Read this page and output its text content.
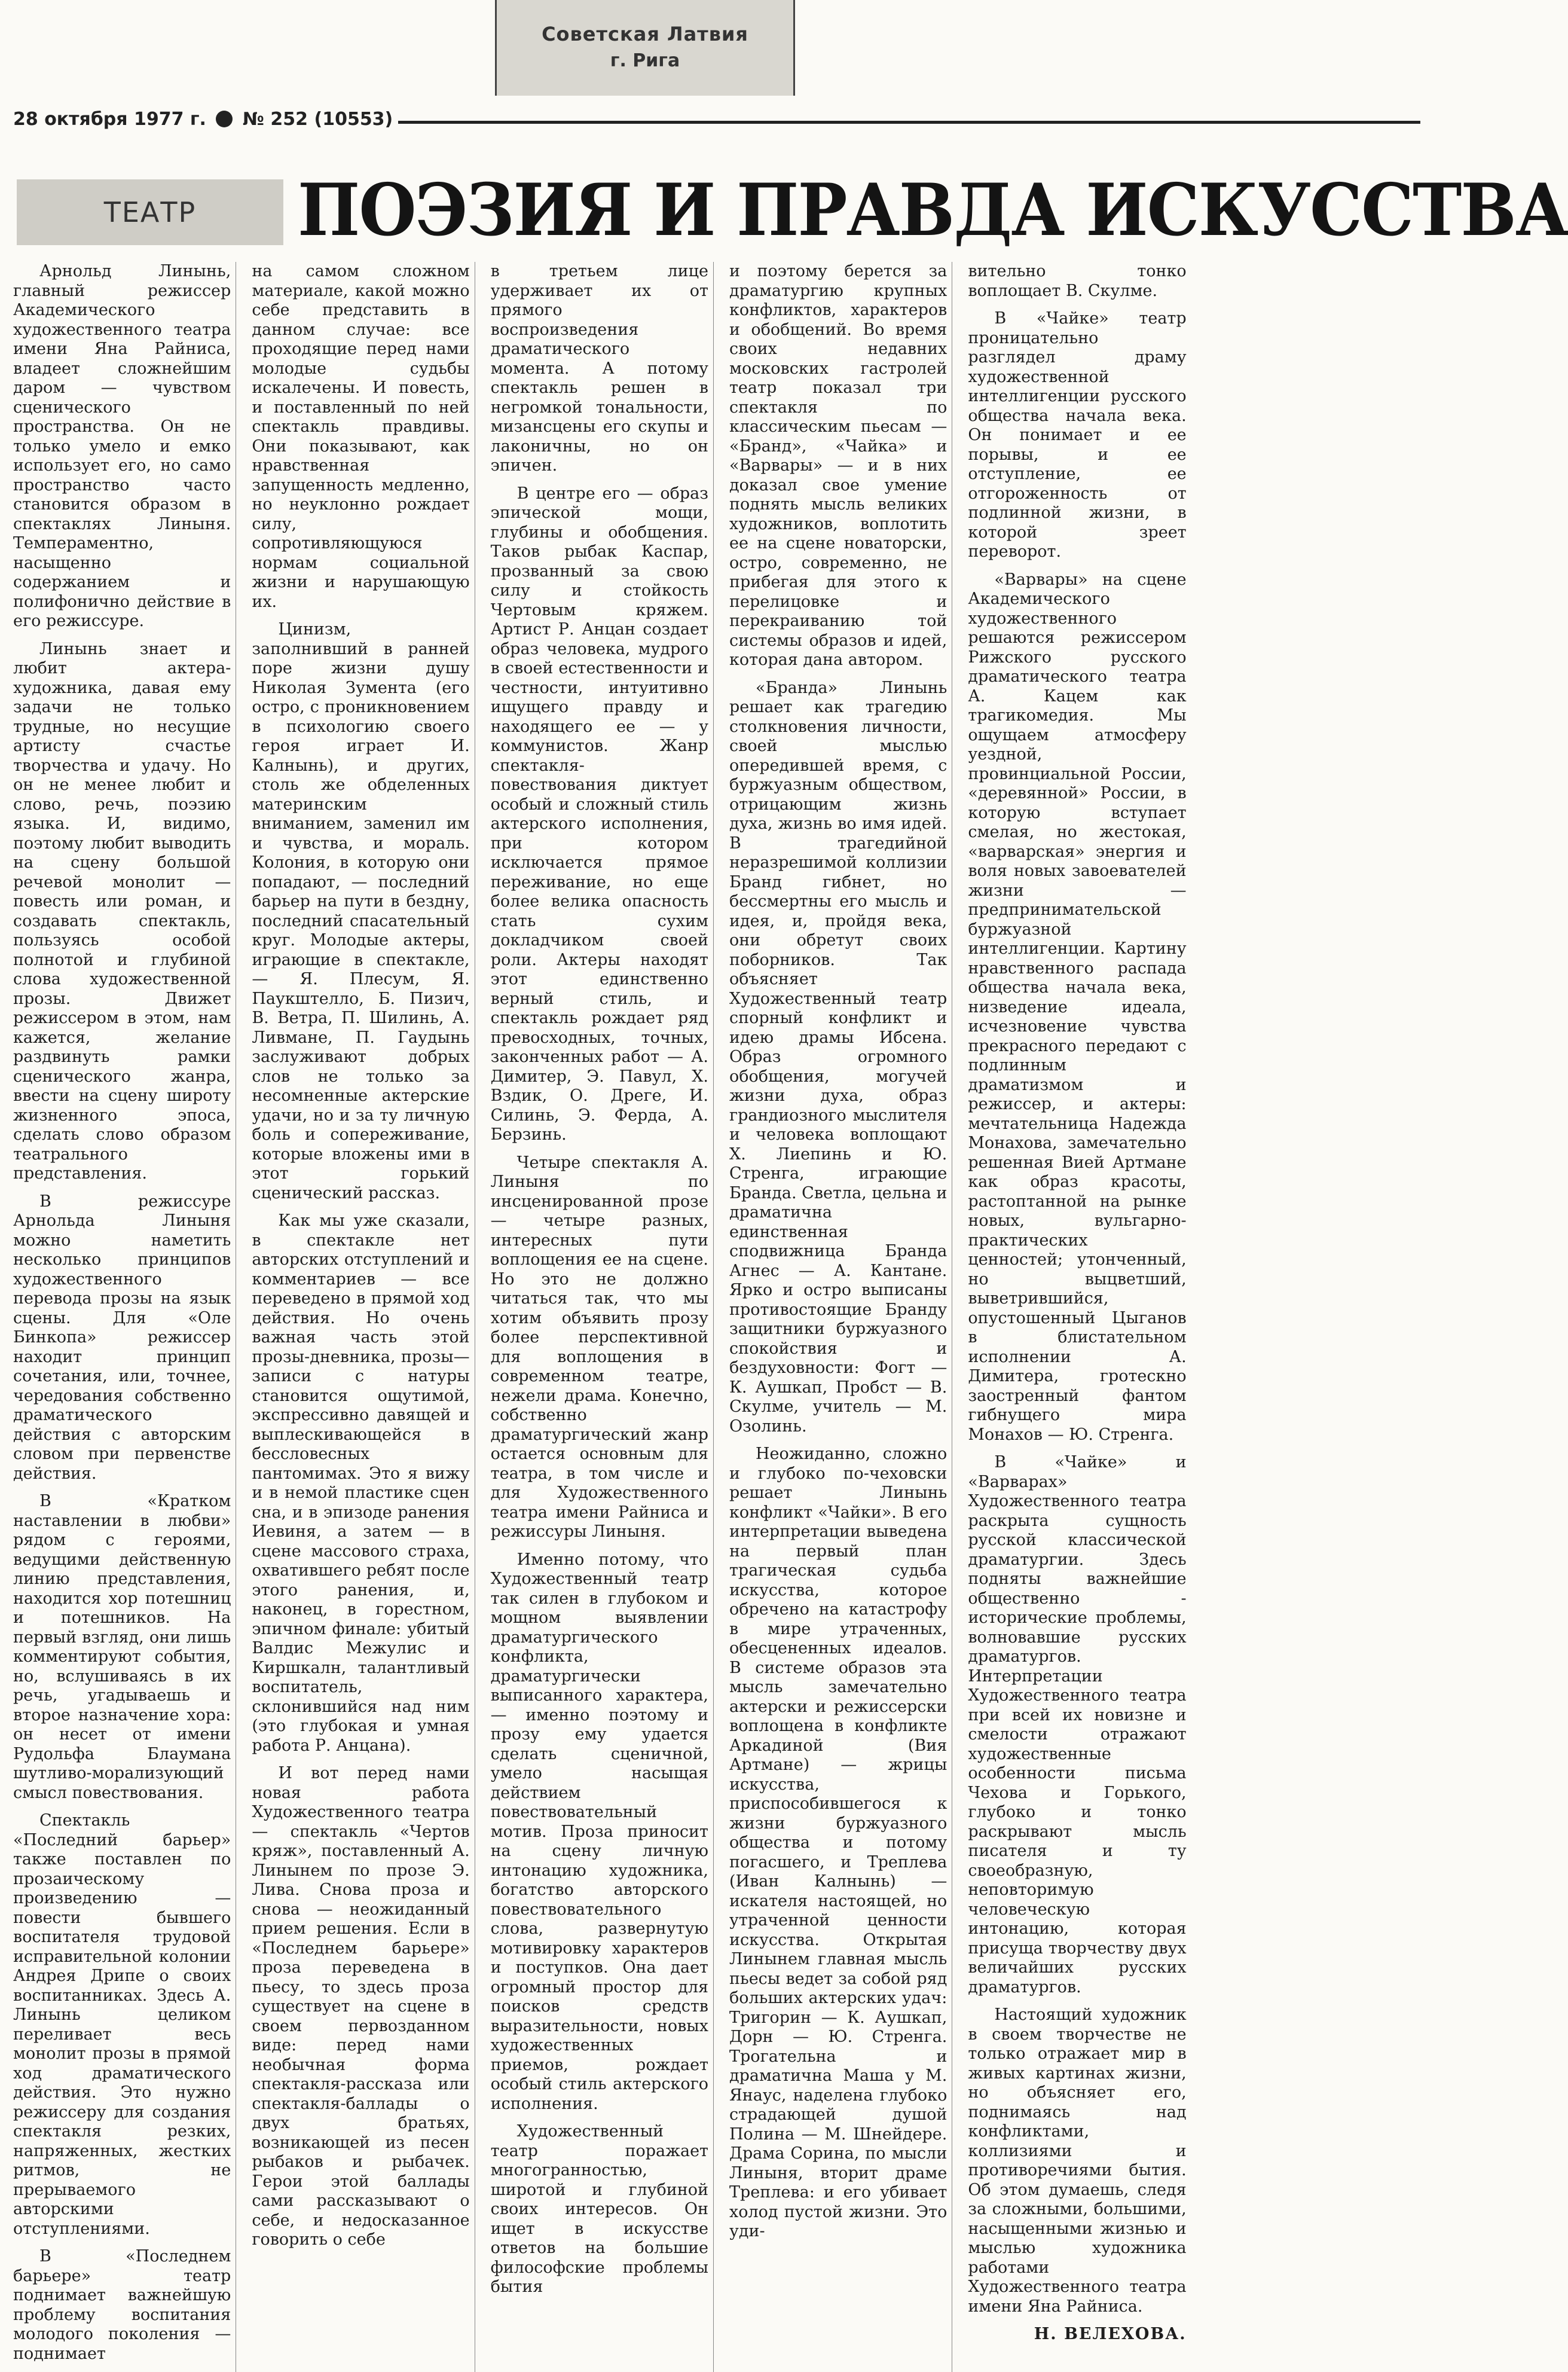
Советская Латвия
г. Рига
28 октября 1977 г. № 252 (10553)
ТЕАТР	ПОЭЗИЯ И ПРАВДА ИСКУССТВА

Арнольд Линынь, главный режиссер Академического художественного театра имени Яна Райниса, владеет сложнейшим даром — чувством сценического пространства. Он не только умело и емко использует его, но само пространство часто становится образом в спектаклях Линыня. Темпераментно, насыщенно содержанием и полифонично действие в его режиссуре.

Линынь знает и любит актера-художника, давая ему задачи не только трудные, но несущие артисту счастье творчества и удачу. Но он не менее любит и слово, речь, поэзию языка. И, видимо, поэтому любит выводить на сцену большой речевой монолит — повесть или роман, и создавать спектакль, пользуясь особой полнотой и глубиной слова художественной прозы. Движет режиссером в этом, нам кажется, желание раздвинуть рамки сценического жанра, ввести на сцену широту жизненного эпоса, сделать слово образом театрального представления.

В режиссуре Арнольда Линыня можно наметить несколько принципов художественного перевода прозы на язык сцены. Для «Оле Бинкопа» режиссер находит принцип сочетания, или, точнее, чередования собственно драматического действия с авторским словом при первенстве действия.

В «Кратком наставлении в любви» рядом с героями, ведущими действенную линию представления, находится хор потешниц и потешников. На первый взгляд, они лишь комментируют события, но, вслушиваясь в их речь, угадываешь и второе назначение хора: он несет от имени Рудольфа Блаумана шутливо-морализующий смысл повествования.

Спектакль «Последний барьер» также поставлен по прозаическому произведению — повести бывшего воспитателя трудовой исправительной колонии Андрея Дрипе о своих воспитанниках. Здесь А. Линынь целиком переливает весь монолит прозы в прямой ход драматического действия. Это нужно режиссеру для создания спектакля резких, напряженных, жестких ритмов, не прерываемого авторскими отступлениями.

В «Последнем барьере» театр поднимает важнейшую проблему воспитания молодого поколения — поднимает

на самом сложном материале, какой можно себе представить в данном случае: все проходящие перед нами молодые судьбы искалечены. И повесть, и поставленный по ней спектакль правдивы. Они показывают, как нравственная запущенность медленно, но неуклонно рождает силу, сопротивляющуюся нормам социальной жизни и нарушающую их.

Цинизм, заполнивший в ранней поре жизни душу Николая Зумента (его остро, с проникновением в психологию своего героя играет И. Калнынь), и других, столь же обделенных материнским вниманием, заменил им и чувства, и мораль. Колония, в которую они попадают, — последний барьер на пути в бездну, последний спасательный круг. Молодые актеры, играющие в спектакле, — Я. Плесум, Я. Паукштелло, Б. Пизич, В. Ветра, П. Шилинь, А. Ливмане, П. Гаудынь заслуживают добрых слов не только за несомненные актерские удачи, но и за ту личную боль и сопереживание, которые вложены ими в этот горький сценический рассказ.

Как мы уже сказали, в спектакле нет авторских отступлений и комментариев — все переведено в прямой ход действия. Но очень важная часть этой прозы-дневника, прозы—записи с натуры становится ощутимой, экспрессивно давящей и выплескивающейся в бессловесных пантомимах. Это я вижу и в немой пластике сцен сна, и в эпизоде ранения Иевиня, а затем — в сцене массового страха, охватившего ребят после этого ранения, и, наконец, в горестном, эпичном финале: убитый Валдис Межулис и Киршкалн, талантливый воспитатель, склонившийся над ним (это глубокая и умная работа Р. Анцана).

И вот перед нами новая работа Художественного театра — спектакль «Чертов кряж», поставленный А. Линынем по прозе Э. Лива. Снова проза и снова — неожиданный прием решения. Если в «Последнем барьере» проза переведена в пьесу, то здесь проза существует на сцене в своем первозданном виде: перед нами необычная форма спектакля-рассказа или спектакля-баллады о двух братьях, возникающей из песен рыбаков и рыбачек. Герои этой баллады сами рассказывают о себе, и недосказанное говорить о себе

в третьем лице удерживает их от прямого воспроизведения драматического момента. А потому спектакль решен в негромкой тональности, мизансцены его скупы и лаконичны, но он эпичен.

В центре его — образ эпической мощи, глубины и обобщения. Таков рыбак Каспар, прозванный за свою силу и стойкость Чертовым кряжем. Артист Р. Анцан создает образ человека, мудрого в своей естественности и честности, интуитивно ищущего правду и находящего ее — у коммунистов. Жанр спектакля-повествования диктует особый и сложный стиль актерского исполнения, при котором исключается прямое переживание, но еще более велика опасность стать сухим докладчиком своей роли. Актеры находят этот единственно верный стиль, и спектакль рождает ряд превосходных, точных, законченных работ — А. Димитер, Э. Павул, Х. Вздик, О. Дреге, И. Силинь, Э. Ферда, А. Берзинь.

Четыре спектакля А. Линыня по инсценированной прозе — четыре разных, интересных пути воплощения ее на сцене. Но это не должно читаться так, что мы хотим объявить прозу более перспективной для воплощения в современном театре, нежели драма. Конечно, собственно драматургический жанр остается основным для театра, в том числе и для Художественного театра имени Райниса и режиссуры Линыня.

Именно потому, что Художественный театр так силен в глубоком и мощном выявлении драматургического конфликта, драматургически выписанного характера, — именно поэтому и прозу ему удается сделать сценичной, умело насыщая действием повествовательный мотив. Проза приносит на сцену личную интонацию художника, богатство авторского повествовательного слова, развернутую мотивировку характеров и поступков. Она дает огромный простор для поисков средств выразительности, новых художественных приемов, рождает особый стиль актерского исполнения.

Художественный театр поражает многогранностью, широтой и глубиной своих интересов. Он ищет в искусстве ответов на большие философские проблемы бытия

и поэтому берется за драматургию крупных конфликтов, характеров и обобщений. Во время своих недавних московских гастролей театр показал три спектакля по классическим пьесам — «Бранд», «Чайка» и «Варвары» — и в них доказал свое умение поднять мысль великих художников, воплотить ее на сцене новаторски, остро, современно, не прибегая для этого к перелицовке и перекраиванию той системы образов и идей, которая дана автором.

«Бранда» Линынь решает как трагедию столкновения личности, своей мыслью опередившей время, с буржуазным обществом, отрицающим жизнь духа, жизнь во имя идей. В трагедийной неразрешимой коллизии Бранд гибнет, но бессмертны его мысль и идея, и, пройдя века, они обретут своих поборников. Так объясняет Художественный театр спорный конфликт и идею драмы Ибсена. Образ огромного обобщения, могучей жизни духа, образ грандиозного мыслителя и человека воплощают Х. Лиепинь и Ю. Стренга, играющие Бранда. Светла, цельна и драматична единственная сподвижница Бранда Агнес — А. Кантане. Ярко и остро выписаны противостоящие Бранду защитники буржуазного спокойствия и бездуховности: Фогт — К. Аушкап, Пробст — В. Скулме, учитель — М. Озолинь.

Неожиданно, сложно и глубоко по-чеховски решает Линынь конфликт «Чайки». В его интерпретации выведена на первый план трагическая судьба искусства, которое обречено на катастрофу в мире утраченных, обесцененных идеалов. В системе образов эта мысль замечательно актерски и режиссерски воплощена в конфликте Аркадиной (Вия Артмане) — жрицы искусства, приспособившегося к жизни буржуазного общества и потому погасшего, и Треплева (Иван Калнынь) — искателя настоящей, но утраченной ценности искусства. Открытая Линынем главная мысль пьесы ведет за собой ряд больших актерских удач: Тригорин — К. Аушкап, Дорн — Ю. Стренга. Трогательна и драматична Маша у М. Янаус, наделена глубоко страдающей душой Полина — М. Шнейдере. Драма Сорина, по мысли Линыня, вторит драме Треплева: и его убивает холод пустой жизни. Это уди-

вительно тонко воплощает В. Скулме.

В «Чайке» театр проницательно разглядел драму художественной интеллигенции русского общества начала века. Он понимает и ее порывы, и ее отступление, ее отгороженность от подлинной жизни, в которой зреет переворот.

«Варвары» на сцене Академического художественного решаются режиссером Рижского русского драматического театра А. Кацем как трагикомедия. Мы ощущаем атмосферу уездной, провинциальной России, «деревянной» России, в которую вступает смелая, но жестокая, «варварская» энергия и воля новых завоевателей жизни — предпринимательской буржуазной интеллигенции. Картину нравственного распада общества начала века, низведение идеала, исчезновение чувства прекрасного передают с подлинным драматизмом и режиссер, и актеры: мечтательница Надежда Монахова, замечательно решенная Вией Артмане как образ красоты, растоптанной на рынке новых, вульгарно-практических ценностей; утонченный, но выцветший, выветрившийся, опустошенный Цыганов в блистательном исполнении А. Димитера, гротескно заостренный фантом гибнущего мира Монахов — Ю. Стренга.

В «Чайке» и «Варварах» Художественного театра раскрыта сущность русской классической драматургии. Здесь подняты важнейшие общественно - исторические проблемы, волновавшие русских драматургов. Интерпретации Художественного театра при всей их новизне и смелости отражают художественные особенности письма Чехова и Горького, глубоко и тонко раскрывают мысль писателя и ту своеобразную, неповторимую человеческую интонацию, которая присуща творчеству двух величайших русских драматургов.

Настоящий художник в своем творчестве не только отражает мир в живых картинах жизни, но объясняет его, поднимаясь над конфликтами, коллизиями и противоречиями бытия. Об этом думаешь, следя за сложными, большими, насыщенными жизнью и мыслью художника работами Художественного театра имени Яна Райниса.

Н. ВЕЛЕХОВА.
